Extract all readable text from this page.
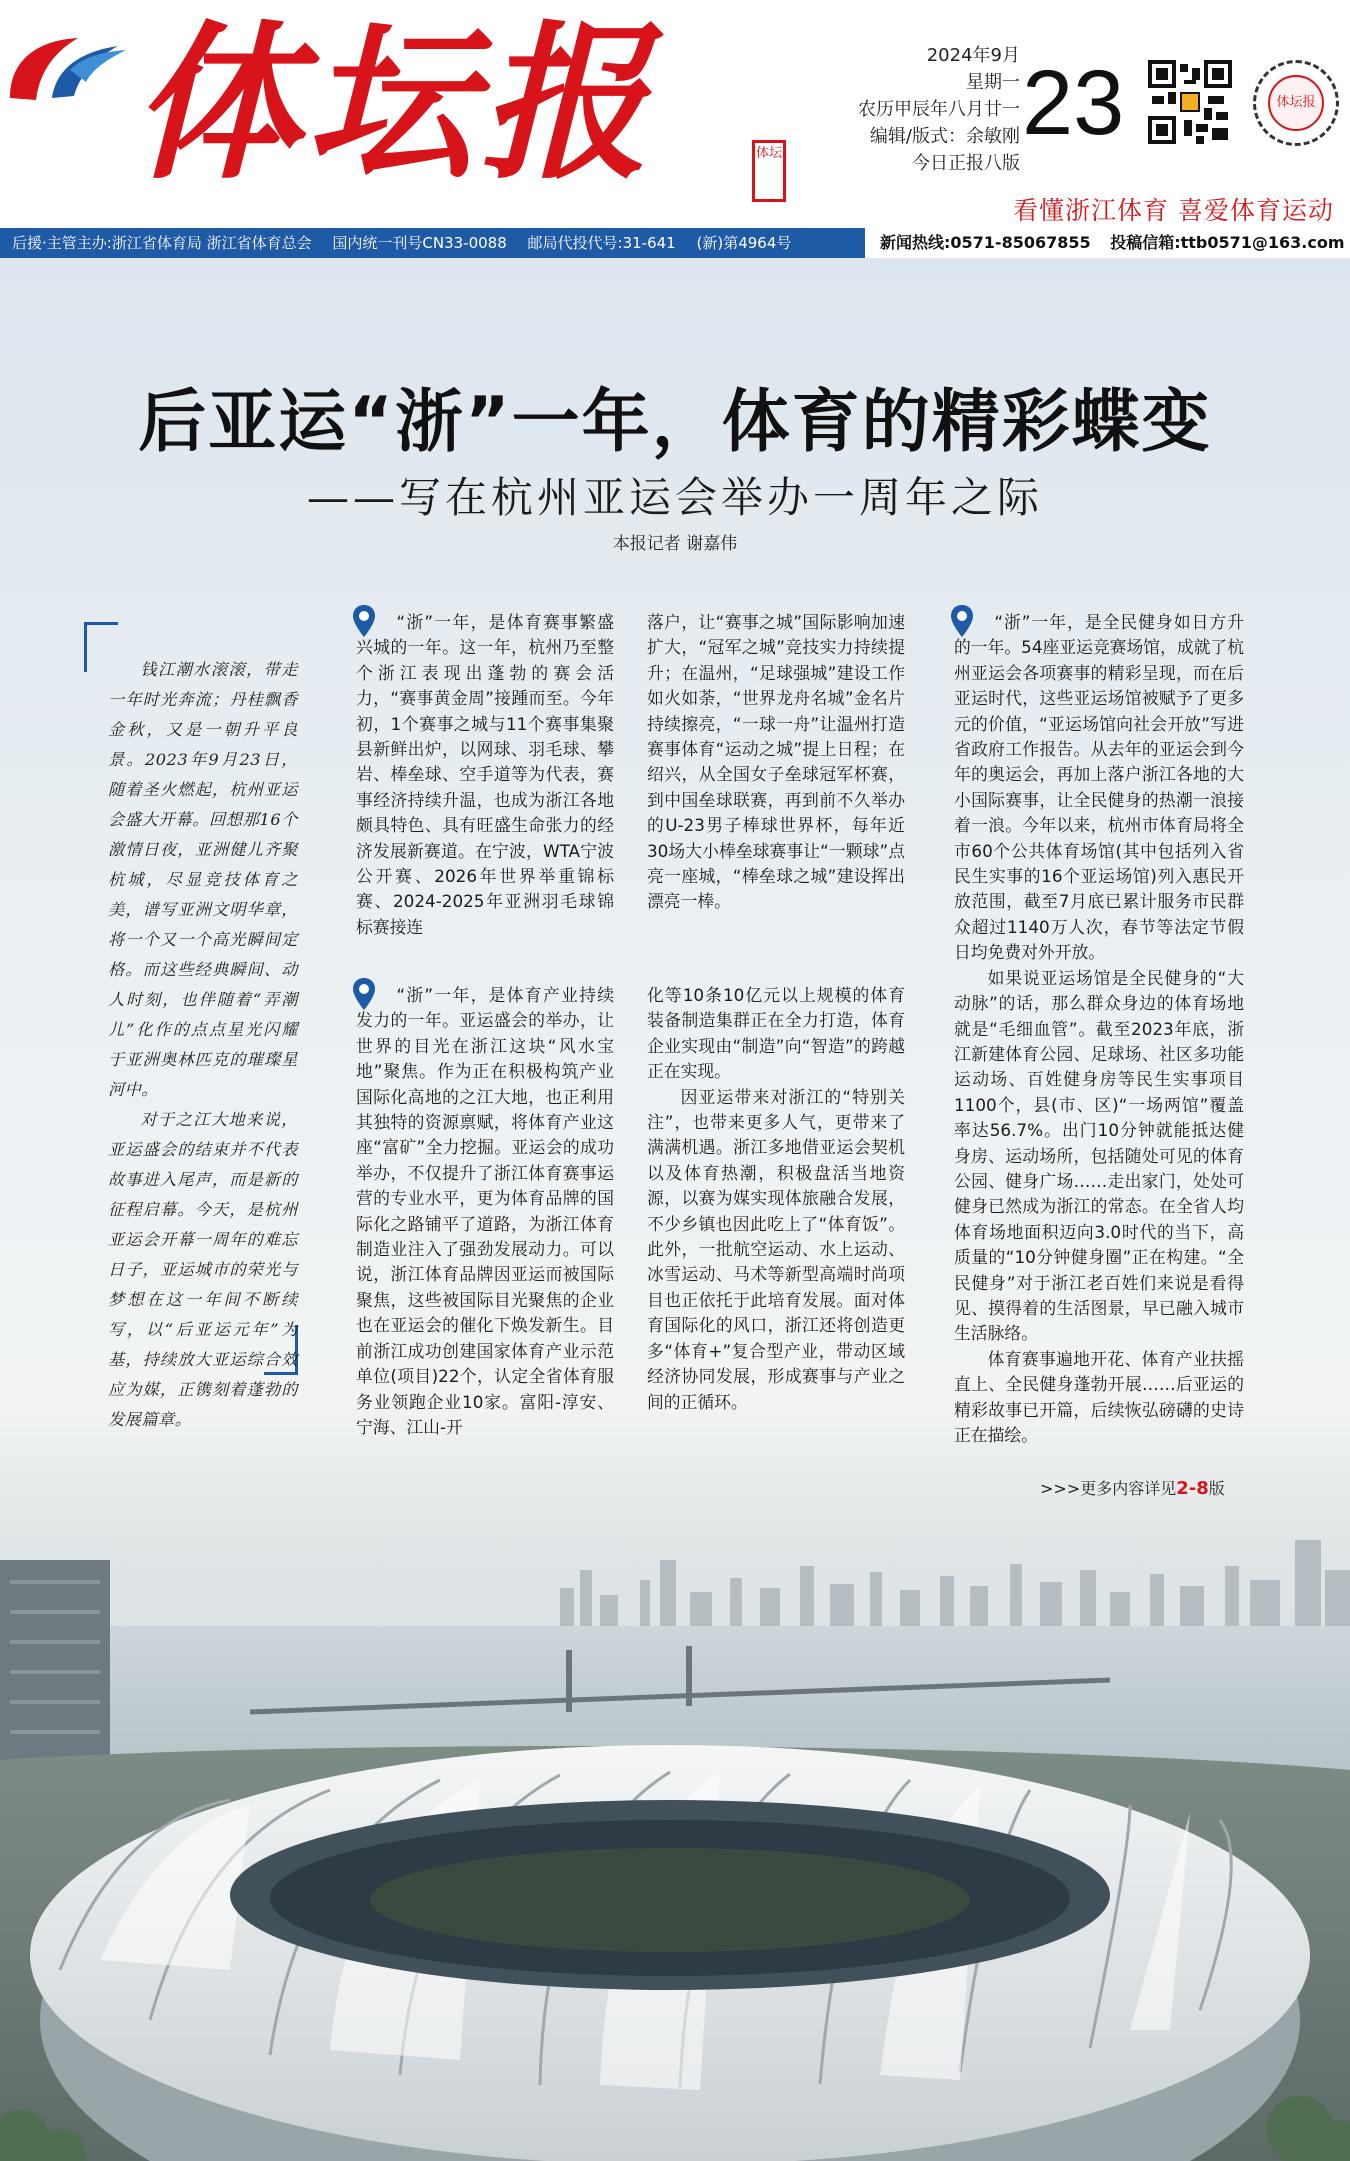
体坛报	体坛
2024年9月
星期一
农历甲辰年八月廿一
编辑/版式：余敏刚
今日正报八版
23	体坛报
看懂浙江体育 喜爱体育运动
后援·主管主办:浙江省体育局 浙江省体育总会 国内统一刊号CN33-0088 邮局代投代号:31-641 (新)第4964号	新闻热线:0571-85067855 投稿信箱:ttb0571@163.com
后亚运“浙”一年，体育的精彩蝶变
——写在杭州亚运会举办一周年之际
本报记者 谢嘉伟

钱江潮水滚滚，带走一年时光奔流；丹桂飘香金秋，又是一朝升平良景。2023年9月23日，随着圣火燃起，杭州亚运会盛大开幕。回想那16个激情日夜，亚洲健儿齐聚杭城，尽显竞技体育之美，谱写亚洲文明华章，将一个又一个高光瞬间定格。而这些经典瞬间、动人时刻，也伴随着“弄潮儿”化作的点点星光闪耀于亚洲奥林匹克的璀璨星河中。

对于之江大地来说，亚运盛会的结束并不代表故事进入尾声，而是新的征程启幕。今天，是杭州亚运会开幕一周年的难忘日子，亚运城市的荣光与梦想在这一年间不断续写，以“后亚运元年”为基，持续放大亚运综合效应为媒，正镌刻着蓬勃的发展篇章。

“浙”一年，是体育赛事繁盛兴城的一年。这一年，杭州乃至整个浙江表现出蓬勃的赛会活力，“赛事黄金周”接踵而至。今年初，1个赛事之城与11个赛事集聚县新鲜出炉，以网球、羽毛球、攀岩、棒垒球、空手道等为代表，赛事经济持续升温，也成为浙江各地颇具特色、具有旺盛生命张力的经济发展新赛道。在宁波，WTA宁波公开赛、2026年世界举重锦标赛、2024-2025年亚洲羽毛球锦标赛接连

落户，让“赛事之城”国际影响加速扩大，“冠军之城”竞技实力持续提升；在温州，“足球强城”建设工作如火如荼，“世界龙舟名城”金名片持续擦亮，“一球一舟”让温州打造赛事体育“运动之城”提上日程；在绍兴，从全国女子垒球冠军杯赛，到中国垒球联赛，再到前不久举办的U-23男子棒球世界杯，每年近30场大小棒垒球赛事让“一颗球”点亮一座城，“棒垒球之城”建设挥出漂亮一棒。

“浙”一年，是体育产业持续发力的一年。亚运盛会的举办，让世界的目光在浙江这块“风水宝地”聚焦。作为正在积极构筑产业国际化高地的之江大地，也正利用其独特的资源禀赋，将体育产业这座“富矿”全力挖掘。亚运会的成功举办，不仅提升了浙江体育赛事运营的专业水平，更为体育品牌的国际化之路铺平了道路，为浙江体育制造业注入了强劲发展动力。可以说，浙江体育品牌因亚运而被国际聚焦，这些被国际目光聚焦的企业也在亚运会的催化下焕发新生。目前浙江成功创建国家体育产业示范单位(项目)22个，认定全省体育服务业领跑企业10家。富阳-淳安、宁海、江山-开

化等10条10亿元以上规模的体育装备制造集群正在全力打造，体育企业实现由“制造”向“智造”的跨越正在实现。

因亚运带来对浙江的“特别关注”，也带来更多人气，更带来了满满机遇。浙江多地借亚运会契机以及体育热潮，积极盘活当地资源，以赛为媒实现体旅融合发展，不少乡镇也因此吃上了“体育饭”。此外，一批航空运动、水上运动、冰雪运动、马术等新型高端时尚项目也正依托于此培育发展。面对体育国际化的风口，浙江还将创造更多“体育+”复合型产业，带动区域经济协同发展，形成赛事与产业之间的正循环。

“浙”一年，是全民健身如日方升的一年。54座亚运竞赛场馆，成就了杭州亚运会各项赛事的精彩呈现，而在后亚运时代，这些亚运场馆被赋予了更多元的价值，“亚运场馆向社会开放”写进省政府工作报告。从去年的亚运会到今年的奥运会，再加上落户浙江各地的大小国际赛事，让全民健身的热潮一浪接着一浪。今年以来，杭州市体育局将全市60个公共体育场馆(其中包括列入省民生实事的16个亚运场馆)列入惠民开放范围，截至7月底已累计服务市民群众超过1140万人次，春节等法定节假日均免费对外开放。

如果说亚运场馆是全民健身的“大动脉”的话，那么群众身边的体育场地就是“毛细血管”。截至2023年底，浙江新建体育公园、足球场、社区多功能运动场、百姓健身房等民生实事项目1100个，县(市、区)“一场两馆”覆盖率达56.7%。出门10分钟就能抵达健身房、运动场所，包括随处可见的体育公园、健身广场……走出家门，处处可健身已然成为浙江的常态。在全省人均体育场地面积迈向3.0时代的当下，高质量的“10分钟健身圈”正在构建。“全民健身”对于浙江老百姓们来说是看得见、摸得着的生活图景，早已融入城市生活脉络。

体育赛事遍地开花、体育产业扶摇直上、全民健身蓬勃开展……后亚运的精彩故事已开篇，后续恢弘磅礴的史诗正在描绘。

>>>更多内容详见2-8版
